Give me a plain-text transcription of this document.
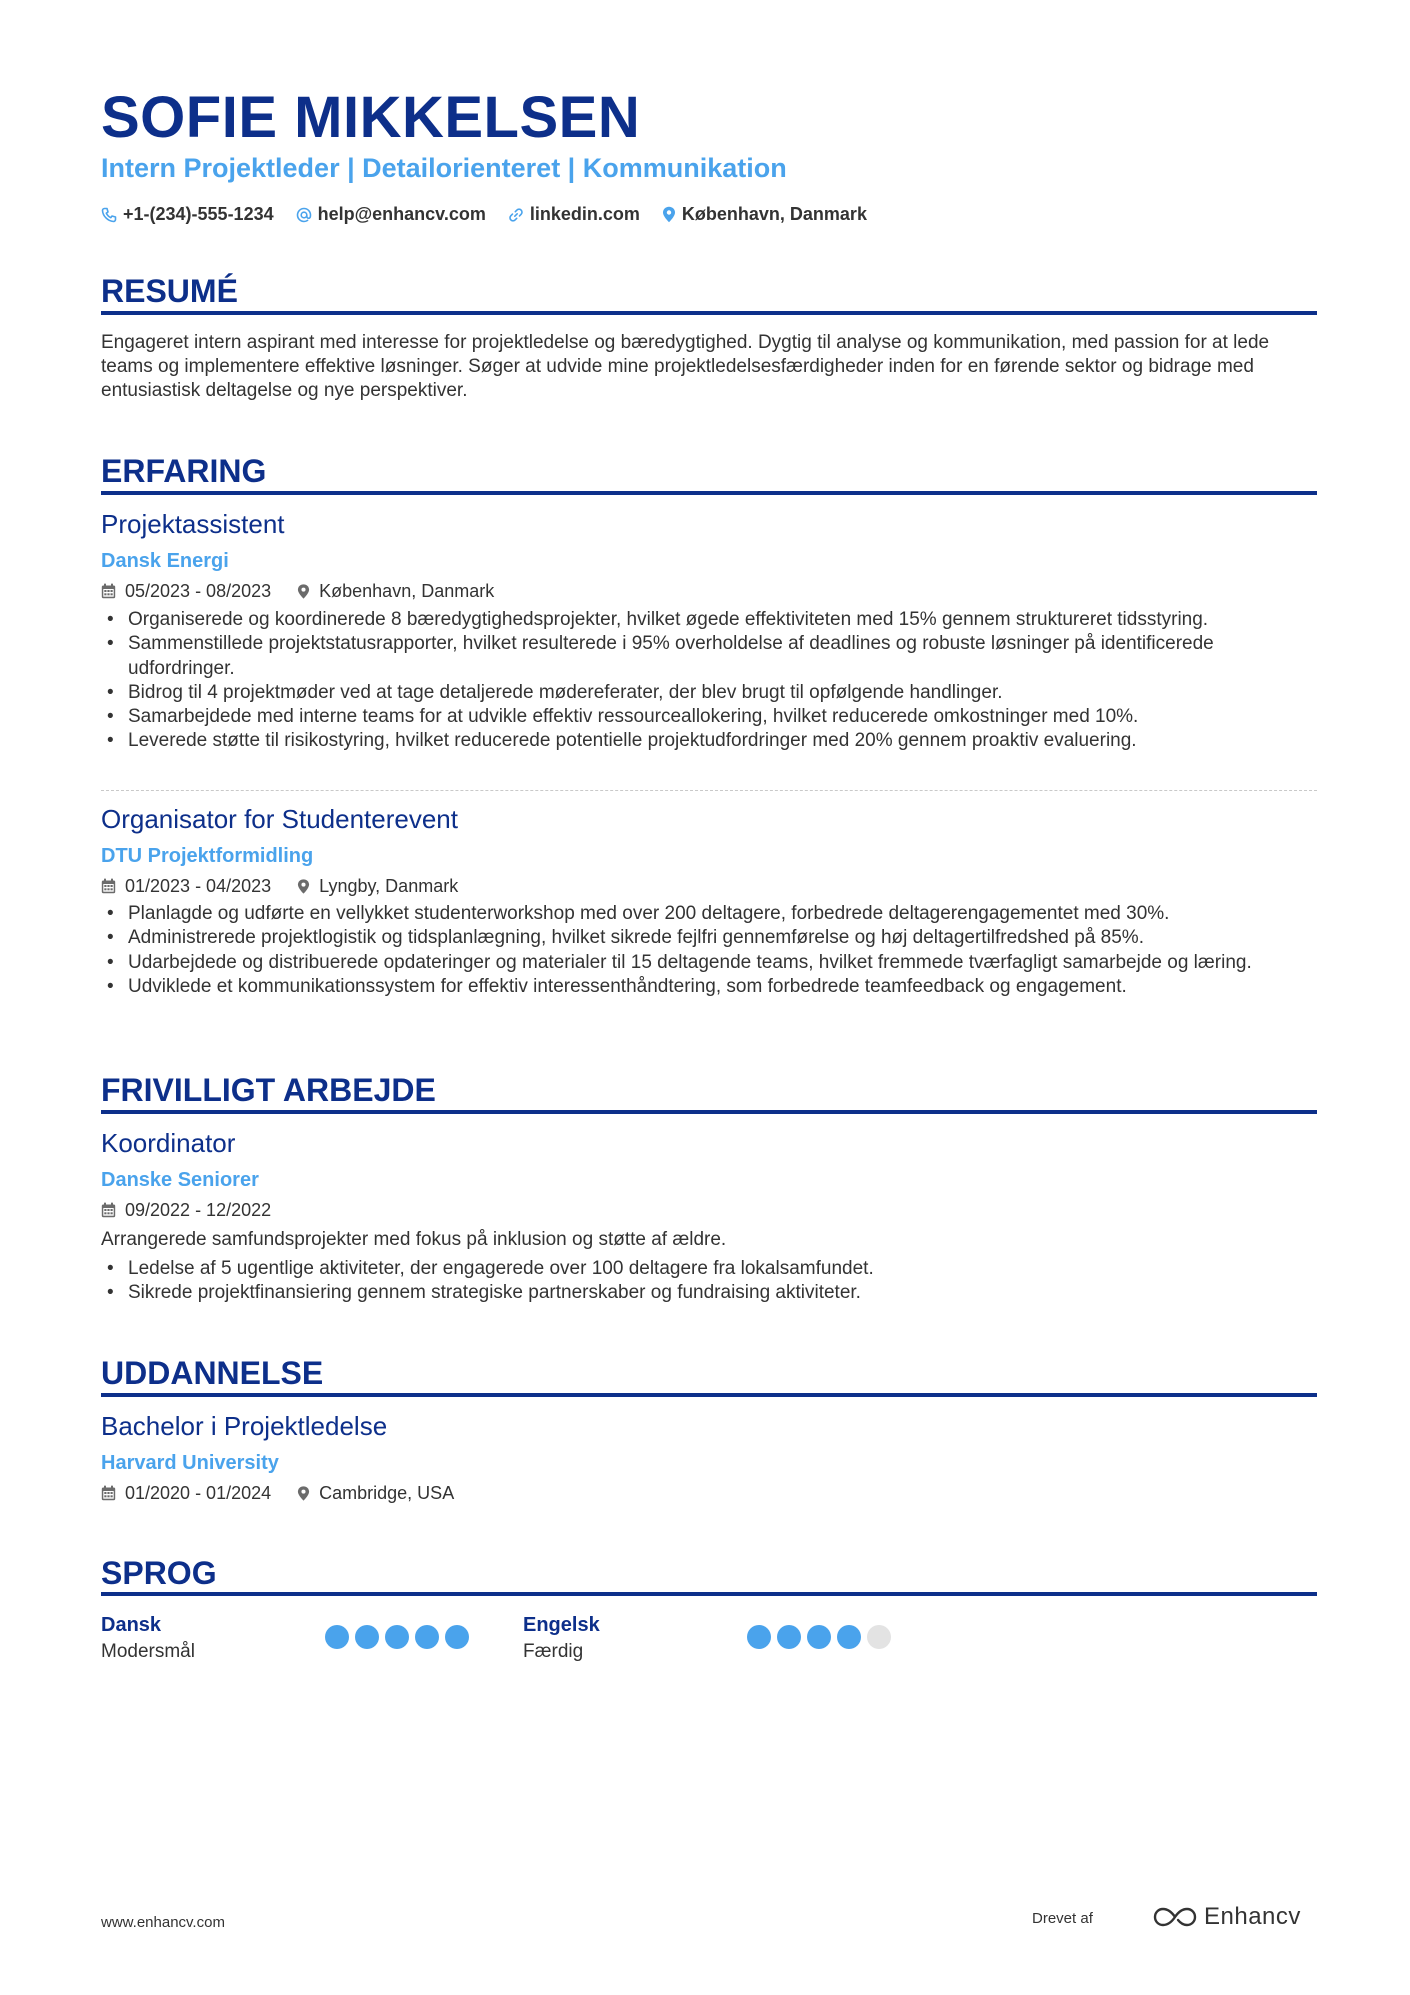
SOFIE MIKKELSEN
Intern Projektleder | Detailorienteret | Kommunikation
+1-(234)-555-1234 help@enhancv.com linkedin.com København, Danmark
RESUMÉ
Engageret intern aspirant med interesse for projektledelse og bæredygtighed. Dygtig til analyse og kommunikation, med passion for at lede teams og implementere effektive løsninger. Søger at udvide mine projektledelsesfærdigheder inden for en førende sektor og bidrage med entusiastisk deltagelse og nye perspektiver.
ERFARING
Projektassistent
Dansk Energi
05/2023 - 08/2023	København, Danmark
• Organiserede og koordinerede 8 bæredygtighedsprojekter, hvilket øgede effektiviteten med 15% gennem struktureret tidsstyring.
• Sammenstillede projektstatusrapporter, hvilket resulterede i 95% overholdelse af deadlines og robuste løsninger på identificerede udfordringer.
• Bidrog til 4 projektmøder ved at tage detaljerede mødereferater, der blev brugt til opfølgende handlinger.
• Samarbejdede med interne teams for at udvikle effektiv ressourceallokering, hvilket reducerede omkostninger med 10%.
• Leverede støtte til risikostyring, hvilket reducerede potentielle projektudfordringer med 20% gennem proaktiv evaluering.
Organisator for Studenterevent
DTU Projektformidling
01/2023 - 04/2023	Lyngby, Danmark
• Planlagde og udførte en vellykket studenterworkshop med over 200 deltagere, forbedrede deltagerengagementet med 30%.
• Administrerede projektlogistik og tidsplanlægning, hvilket sikrede fejlfri gennemførelse og høj deltagertilfredshed på 85%.
• Udarbejdede og distribuerede opdateringer og materialer til 15 deltagende teams, hvilket fremmede tværfagligt samarbejde og læring.
• Udviklede et kommunikationssystem for effektiv interessenthåndtering, som forbedrede teamfeedback og engagement.
FRIVILLIGT ARBEJDE
Koordinator
Danske Seniorer
09/2022 - 12/2022
Arrangerede samfundsprojekter med fokus på inklusion og støtte af ældre.
• Ledelse af 5 ugentlige aktiviteter, der engagerede over 100 deltagere fra lokalsamfundet.
• Sikrede projektfinansiering gennem strategiske partnerskaber og fundraising aktiviteter.
UDDANNELSE
Bachelor i Projektledelse
Harvard University
01/2020 - 01/2024	Cambridge, USA
SPROG
Dansk
Modersmål
Engelsk
Færdig
www.enhancv.com	Drevet af	Enhancv
